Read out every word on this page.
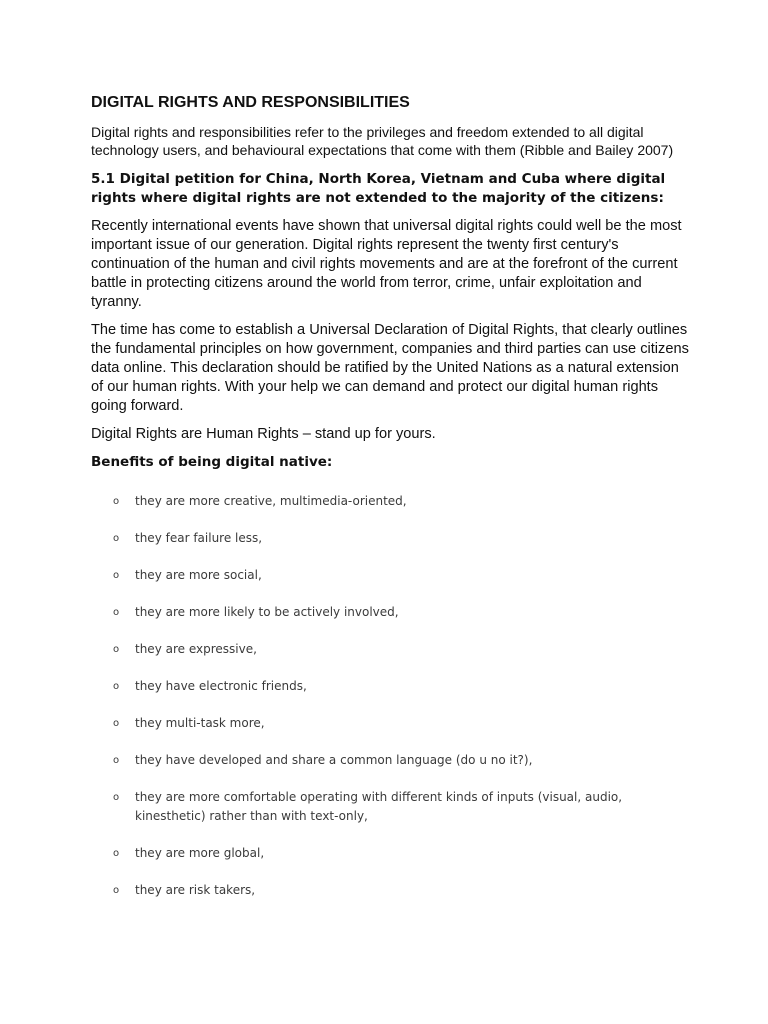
DIGITAL RIGHTS AND RESPONSIBILITIES

Digital rights and responsibilities refer to the privileges and freedom extended to all digital technology users, and behavioural expectations that come with them (Ribble and Bailey 2007)

5.1 Digital petition for China, North Korea, Vietnam and Cuba where digital rights where digital rights are not extended to the majority of the citizens:

Recently international events have shown that universal digital rights could well be the most important issue of our generation. Digital rights represent the twenty first century's continuation of the human and civil rights movements and are at the forefront of the current battle in protecting citizens around the world from terror, crime, unfair exploitation and tyranny.

The time has come to establish a Universal Declaration of Digital Rights, that clearly outlines the fundamental principles on how government, companies and third parties can use citizens data online. This declaration should be ratified by the United Nations as a natural extension of our human rights. With your help we can demand and protect our digital human rights going forward.

Digital Rights are Human Rights – stand up for yours.

Benefits of being digital native:

o they are more creative, multimedia-oriented,
o they fear failure less,
o they are more social,
o they are more likely to be actively involved,
o they are expressive,
o they have electronic friends,
o they multi-task more,
o they have developed and share a common language (do u no it?),
o they are more comfortable operating with different kinds of inputs (visual, audio, kinesthetic) rather than with text-only,
o they are more global,
o they are risk takers,
